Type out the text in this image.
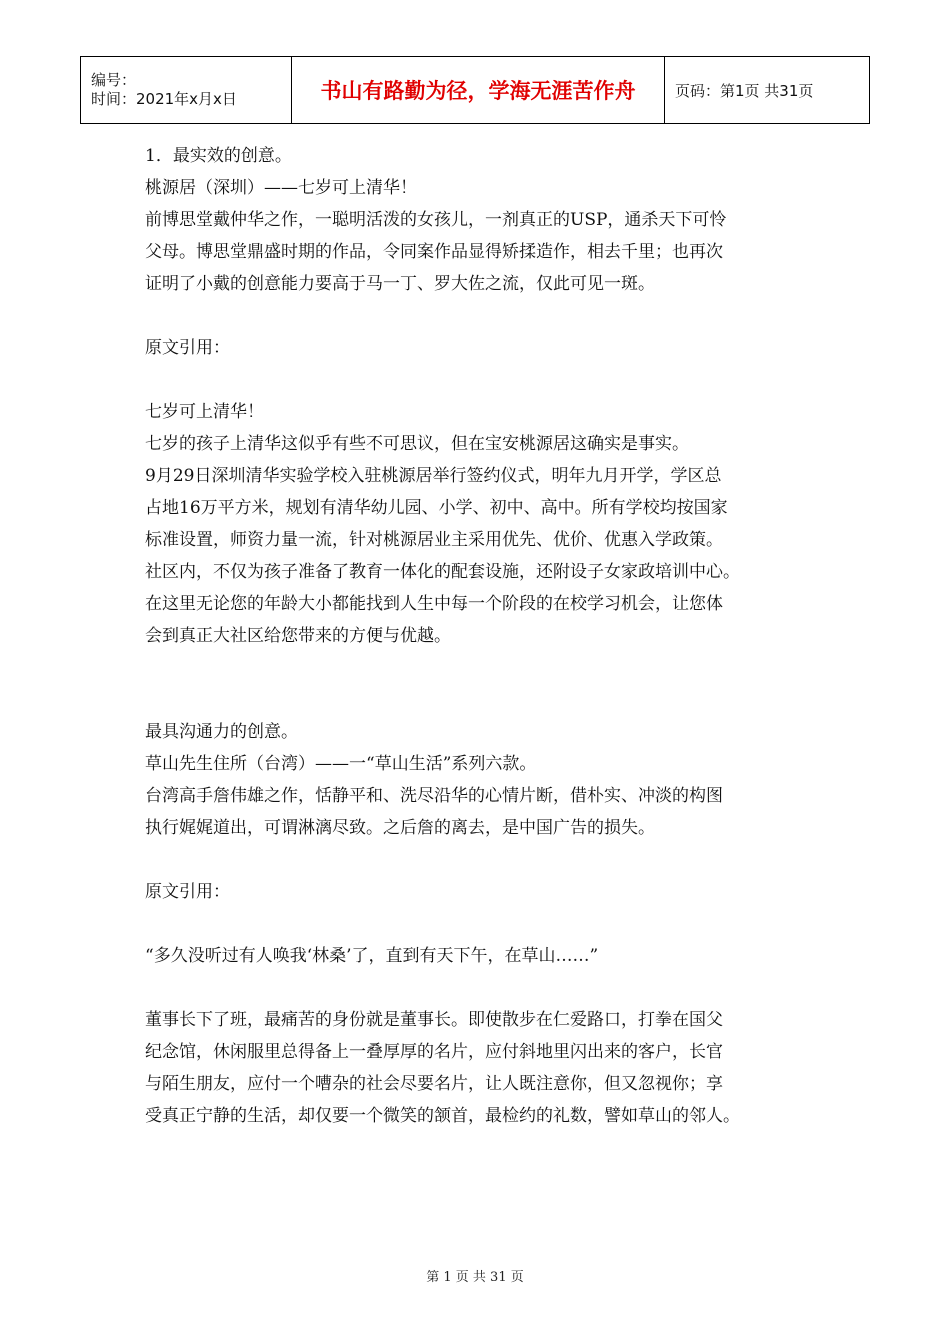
编号：
时间：2021年x月x日	书山有路勤为径，学海无涯苦作舟	页码：第1页 共31页

1．最实效的创意。

桃源居（深圳）——七岁可上清华！

前博思堂戴仲华之作，一聪明活泼的女孩儿，一剂真正的USP，通杀天下可怜

父母。博思堂鼎盛时期的作品，令同案作品显得矫揉造作，相去千里；也再次

证明了小戴的创意能力要高于马一丁、罗大佐之流，仅此可见一斑。

原文引用：

七岁可上清华！

七岁的孩子上清华这似乎有些不可思议，但在宝安桃源居这确实是事实。

9月29日深圳清华实验学校入驻桃源居举行签约仪式，明年九月开学，学区总

占地16万平方米，规划有清华幼儿园、小学、初中、高中。所有学校均按国家

标准设置，师资力量一流，针对桃源居业主采用优先、优价、优惠入学政策。

社区内，不仅为孩子准备了教育一体化的配套设施，还附设子女家政培训中心。

在这里无论您的年龄大小都能找到人生中每一个阶段的在校学习机会，让您体

会到真正大社区给您带来的方便与优越。

最具沟通力的创意。

草山先生住所（台湾）——一“草山生活”系列六款。

台湾高手詹伟雄之作，恬静平和、洗尽沿华的心情片断，借朴实、冲淡的构图

执行娓娓道出，可谓淋漓尽致。之后詹的离去，是中国广告的损失。

原文引用：

“多久没听过有人唤我‘林桑’了，直到有天下午，在草山……”

董事长下了班，最痛苦的身份就是董事长。即使散步在仁爱路口，打拳在国父

纪念馆，休闲服里总得备上一叠厚厚的名片，应付斜地里闪出来的客户，长官

与陌生朋友，应付一个嘈杂的社会尽要名片，让人既注意你，但又忽视你；享

受真正宁静的生活，却仅要一个微笑的颔首，最检约的礼数，譬如草山的邻人。

第 1 页 共 31 页
